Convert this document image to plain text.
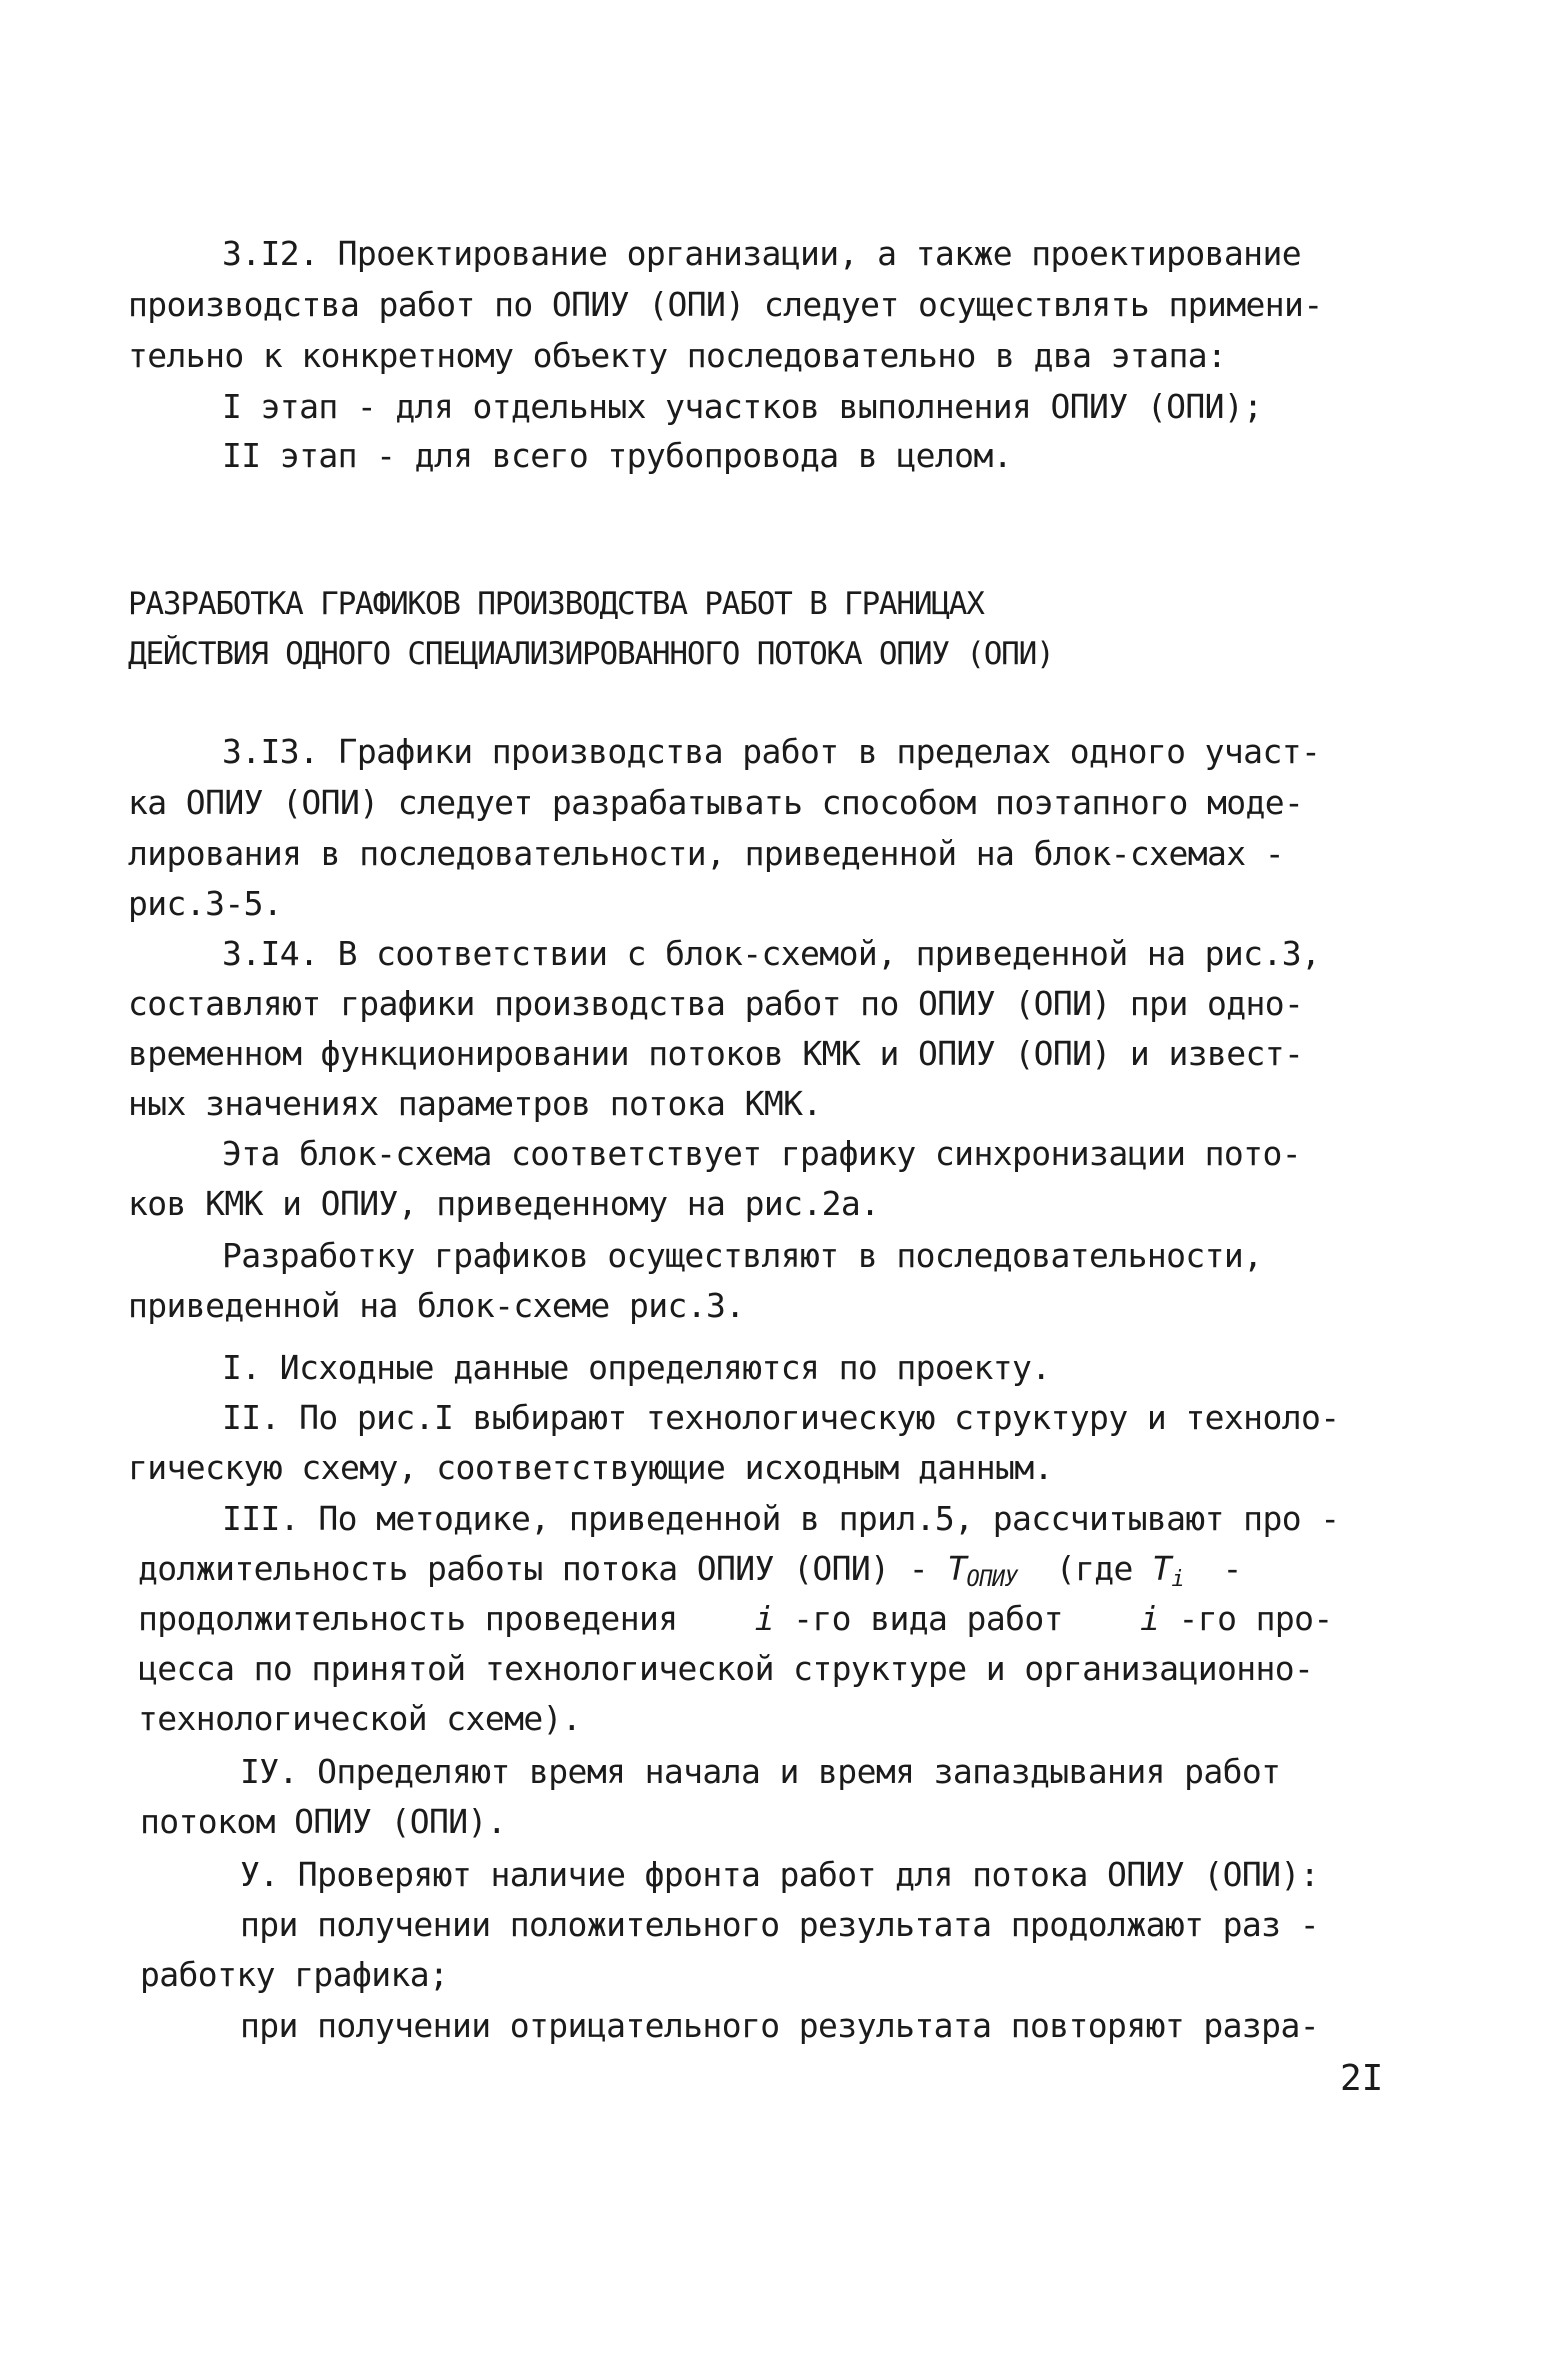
3.I2. Проектирование организации, а также проектирование
производства работ по ОПИУ (ОПИ) следует осуществлять примени-
тельно к конкретному объекту последовательно в два этапа:
I этап - для отдельных участков выполнения ОПИУ (ОПИ);
II этап - для всего трубопровода в целом.
РАЗРАБОТКА ГРАФИКОВ ПРОИЗВОДСТВА РАБОТ В ГРАНИЦАХ
ДЕЙСТВИЯ ОДНОГО СПЕЦИАЛИЗИРОВАННОГО ПОТОКА ОПИУ (ОПИ)
3.I3. Графики производства работ в пределах одного участ-
ка ОПИУ (ОПИ) следует разрабатывать способом поэтапного моде-
лирования в последовательности, приведенной на блок-схемах -
рис.3-5.
3.I4. В соответствии с блок-схемой, приведенной на рис.3,
составляют графики производства работ по ОПИУ (ОПИ) при одно-
временном функционировании потоков КМК и ОПИУ (ОПИ) и извест-
ных значениях параметров потока КМК.
Эта блок-схема соответствует графику синхронизации пото-
ков КМК и ОПИУ, приведенному на рис.2а.
Разработку графиков осуществляют в последовательности,
приведенной на блок-схеме рис.3.
I. Исходные данные определяются по проекту.
II. По рис.I выбирают технологическую структуру и техноло-
гическую схему, соответствующие исходным данным.
III. По методике, приведенной в прил.5, рассчитывают про -
должительность работы потока ОПИУ $(ОПИ) - T_{ОПИУ}$ (где $T_i$ -
продолжительность проведения i -го вида работ i -го про-
цесса по принятой технологической структуре и организационно-
технологической схеме).
IУ. Определяют время начала и время запаздывания работ
потоком ОПИУ (ОПИ).
У. Проверяют наличие фронта работ для потока ОПИУ (ОПИ):
при получении положительного результата продолжают раз -
работку графика;
при получении отрицательного результата повторяют разра-
2I
